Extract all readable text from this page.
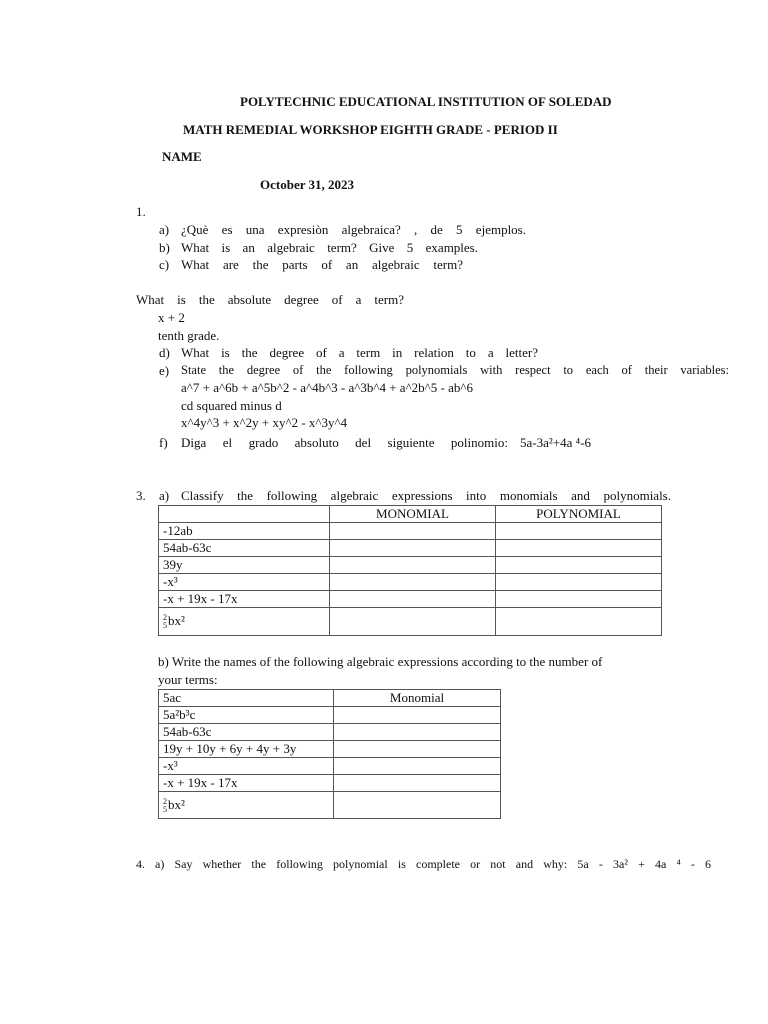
POLYTECHNIC EDUCATIONAL INSTITUTION OF SOLEDAD
MATH REMEDIAL WORKSHOP EIGHTH GRADE - PERIOD II
NAME
October 31, 2023
1.
a) ¿Què es una expresiòn algebraica? , de 5 ejemplos.
b) What is an algebraic term? Give 5 examples.
c) What are the parts of an algebraic term?
What is the absolute degree of a term?
x + 2
tenth grade.
d) What is the degree of a term in relation to a letter?
e) State the degree of the following polynomials with respect to each of their variables:
a^7 + a^6b + a^5b^2 - a^4b^3 - a^3b^4 + a^2b^5 - ab^6
cd squared minus d
x^4y^3 + x^2y + xy^2 - x^3y^4
f) Diga el grado absoluto del siguiente polinomio: 5a-3a²+4a ⁴-6
3. a) Classify the following algebraic expressions into monomials and polynomials.
	MONOMIAL	POLYNOMIAL
-12ab		
54ab-63c		
39y		
-x³		
-x + 19x - 17x		

2
5 bx²		
b) Write the names of the following algebraic expressions according to the number of
your terms:
5ac	Monomial
5a²b³c	
54ab-63c	
19y + 10y + 6y + 4y + 3y	
-x³	
-x + 19x - 17x	

2
5 bx²	
4. a) Say whether the following polynomial is complete or not and why: 5a - 3a² + 4a ⁴ - 6
